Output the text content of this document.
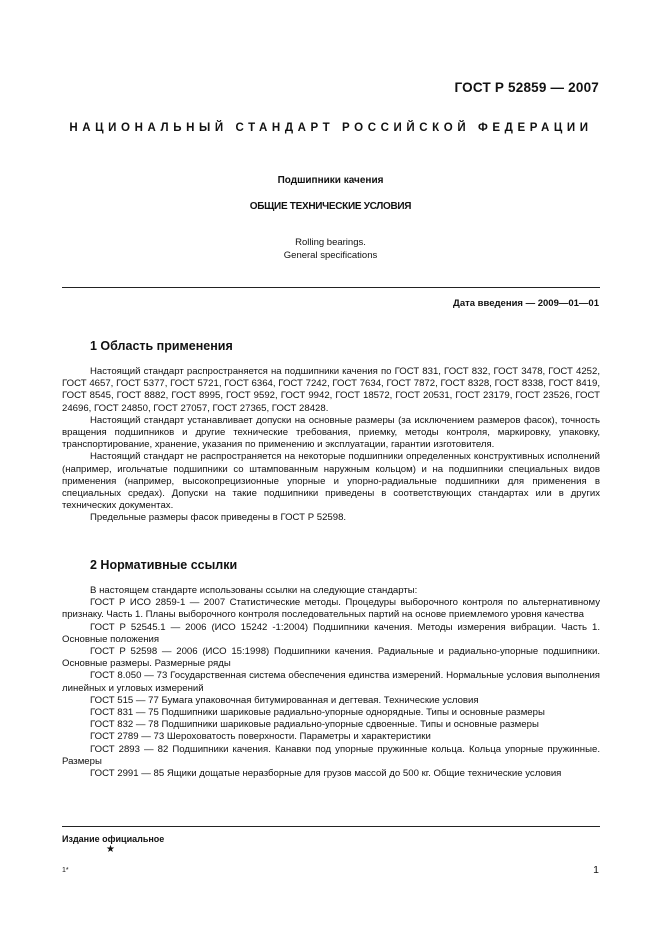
ГОСТ Р 52859 — 2007
НАЦИОНАЛЬНЫЙ СТАНДАРТ РОССИЙСКОЙ ФЕДЕРАЦИИ
Подшипники качения
ОБЩИЕ ТЕХНИЧЕСКИЕ УСЛОВИЯ
Rolling bearings.
General specifications
Дата введения — 2009—01—01
1 Область применения

Настоящий стандарт распространяется на подшипники качения по ГОСТ 831, ГОСТ 832, ГОСТ 3478, ГОСТ 4252, ГОСТ 4657, ГОСТ 5377, ГОСТ 5721, ГОСТ 6364, ГОСТ 7242, ГОСТ 7634, ГОСТ 7872, ГОСТ 8328, ГОСТ 8338, ГОСТ 8419, ГОСТ 8545, ГОСТ 8882, ГОСТ 8995, ГОСТ 9592, ГОСТ 9942, ГОСТ 18572, ГОСТ 20531, ГОСТ 23179, ГОСТ 23526, ГОСТ 24696, ГОСТ 24850, ГОСТ 27057, ГОСТ 27365, ГОСТ 28428.

Настоящий стандарт устанавливает допуски на основные размеры (за исключением размеров фасок), точность вращения подшипников и другие технические требования, приемку, методы контроля, маркировку, упаковку, транспортирование, хранение, указания по применению и эксплуатации, гарантии изготовителя.

Настоящий стандарт не распространяется на некоторые подшипники определенных конструктивных исполнений (например, игольчатые подшипники со штампованным наружным кольцом) и на подшипники специальных видов применения (например, высокопрецизионные упорные и упорно-радиальные подшипники для применения в специальных средах). Допуски на такие подшипники приведены в соответствующих стандартах или в других технических документах.

Предельные размеры фасок приведены в ГОСТ Р 52598.

2 Нормативные ссылки

В настоящем стандарте использованы ссылки на следующие стандарты:

ГОСТ Р ИСО 2859-1 — 2007 Статистические методы. Процедуры выборочного контроля по альтернативному признаку. Часть 1. Планы выборочного контроля последовательных партий на основе приемлемого уровня качества

ГОСТ Р 52545.1 — 2006 (ИСО 15242 -1:2004) Подшипники качения. Методы измерения вибрации. Часть 1. Основные положения

ГОСТ Р 52598 — 2006 (ИСО 15:1998) Подшипники качения. Радиальные и радиально-упорные подшипники. Основные размеры. Размерные ряды

ГОСТ 8.050 — 73 Государственная система обеспечения единства измерений. Нормальные условия выполнения линейных и угловых измерений

ГОСТ 515 — 77 Бумага упаковочная битумированная и дегтевая. Технические условия

ГОСТ 831 — 75 Подшипники шариковые радиально-упорные однорядные. Типы и основные размеры

ГОСТ 832 — 78 Подшипники шариковые радиально-упорные сдвоенные. Типы и основные размеры

ГОСТ 2789 — 73 Шероховатость поверхности. Параметры и характеристики

ГОСТ 2893 — 82 Подшипники качения. Канавки под упорные пружинные кольца. Кольца упорные пружинные. Размеры

ГОСТ 2991 — 85 Ящики дощатые неразборные для грузов массой до 500 кг. Общие технические условия

Издание официальное
★
1*	1
